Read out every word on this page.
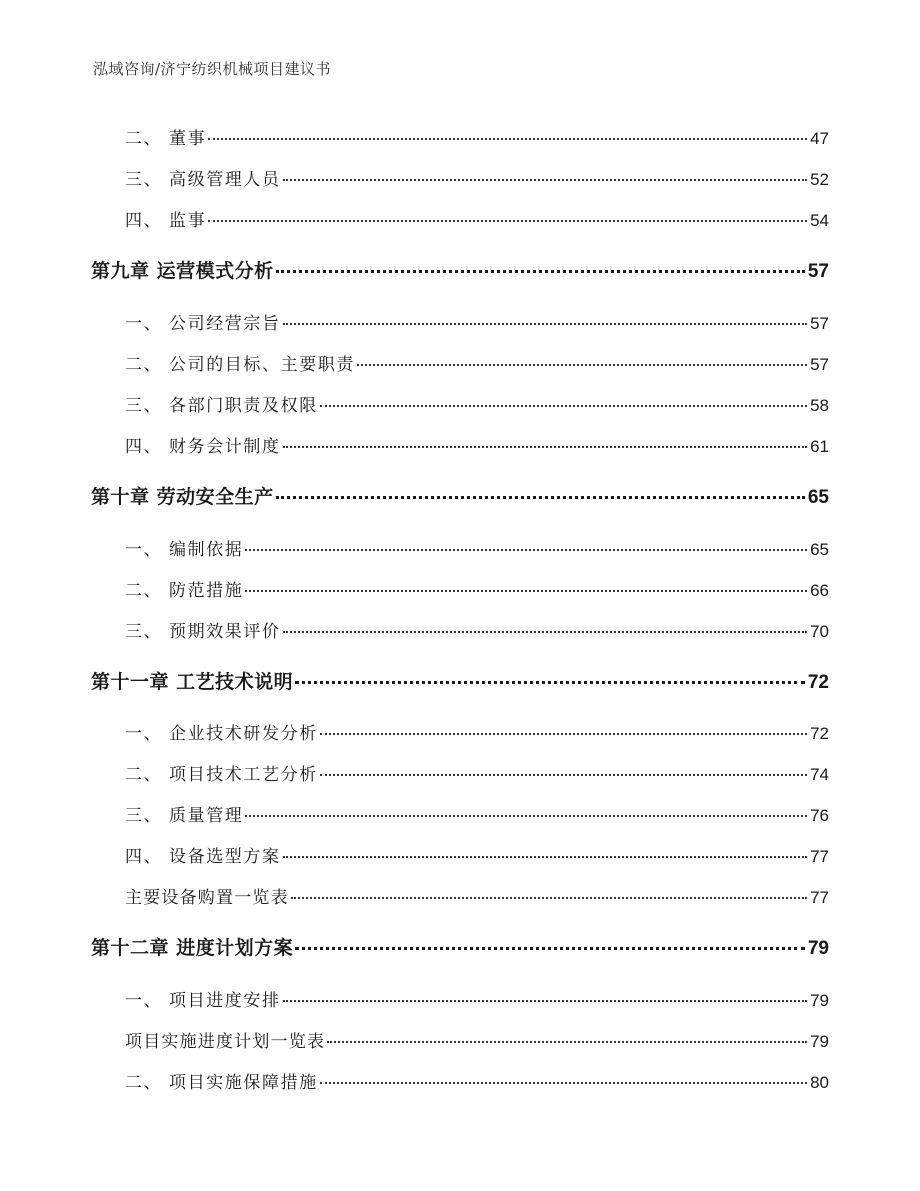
泓域咨询/济宁纺织机械项目建议书
二、 董事	47
三、 高级管理人员	52
四、 监事	54
第九章 运营模式分析	57
一、 公司经营宗旨	57
二、 公司的目标、主要职责	57
三、 各部门职责及权限	58
四、 财务会计制度	61
第十章 劳动安全生产	65
一、 编制依据	65
二、 防范措施	66
三、 预期效果评价	70
第十一章 工艺技术说明	72
一、 企业技术研发分析	72
二、 项目技术工艺分析	74
三、 质量管理	76
四、 设备选型方案	77
主要设备购置一览表	77
第十二章 进度计划方案	79
一、 项目进度安排	79
项目实施进度计划一览表	79
二、 项目实施保障措施	80
